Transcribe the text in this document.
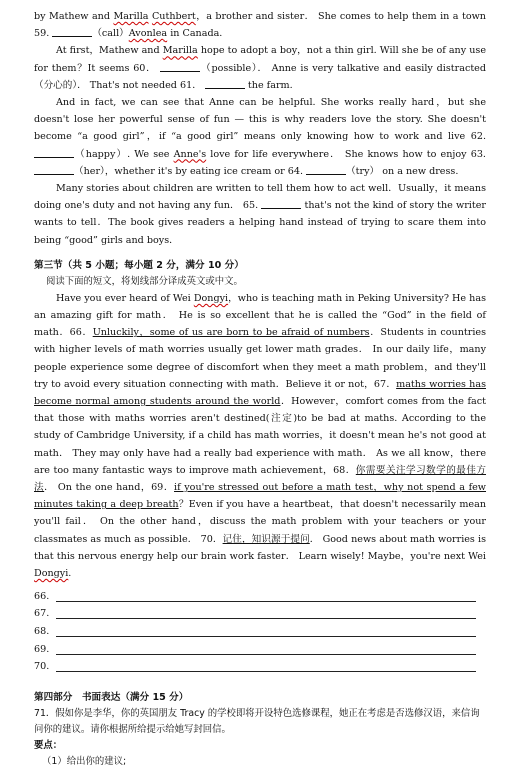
by Mathew and Marilla Cuthbert，a brother and sister． She comes to help them in a town 59.	（call）Avonlea in Canada.

At first，Mathew and Marilla hope to adopt a boy，not a thin girl. Will she be of any use for them？It seems 60．	（possible）． Anne is very talkative and easily distracted（分心的）． That's not needed 61．	the farm.

And in fact, we can see that Anne can be helpful. She works really hard，but she doesn't lose her powerful sense of fun — this is why readers love the story. She doesn't become “a good girl”，if “a good girl” means only knowing how to work and live 62. （happy）. We see Anne's love for life everywhere． She knows how to enjoy 63. （her），whether it's by eating ice cream or 64.	（try） on a new dress.

Many stories about children are written to tell them how to act well．Usually，it means doing one's duty and not having any fun． 65.	that's not the kind of story the writer wants to tell．The book gives readers a helping hand instead of trying to scare them into being “good” girls and boys．

第三节（共 5 小题；每小题 2 分，满分 10 分）
阅读下面的短文，将划线部分译成英文或中文。

Have you ever heard of Wei Dongyi，who is teaching math in Peking University? He has an amazing gift for math． He is so excellent that he is called the “God” in the field of math．66．Unluckily，some of us are born to be afraid of numbers．Students in countries with higher levels of math worries usually get lower math grades． In our daily life，many people experience some degree of discomfort when they meet a math problem，and they'll try to avoid every situation connecting with math．Believe it or not，67．maths worries has become normal among students around the world．However，comfort comes from the fact that those with maths worries aren't destined(注定)to be bad at maths. According to the study of Cambridge University, if a child has math worries，it doesn't mean he's not good at math． They may only have had a really bad experience with math． As we all know，there are too many fantastic ways to improve math achievement，68．你需要关注学习数学的最佳方法． On the one hand，69．if you're stressed out before a math test，why not spend a few minutes taking a deep breath？Even if you have a heartbeat，that doesn't necessarily mean you'll fail． On the other hand，discuss the math problem with your teachers or your classmates as much as possible． 70．记住，知识源于提问． Good news about math worries is that this nervous energy help our brain work faster． Learn wisely! Maybe，you're next Wei Dongyi.

66.
67.
68.
69.
70.
第四部分　书面表达（满分 15 分）
71．假如你是李华，你的英国朋友 Tracy 的学校即将开设特色选修课程，她正在考虑是否选修汉语，来信询问你的建议。请你根据所给提示给她写封回信。
要点：
（1）给出你的建议;
